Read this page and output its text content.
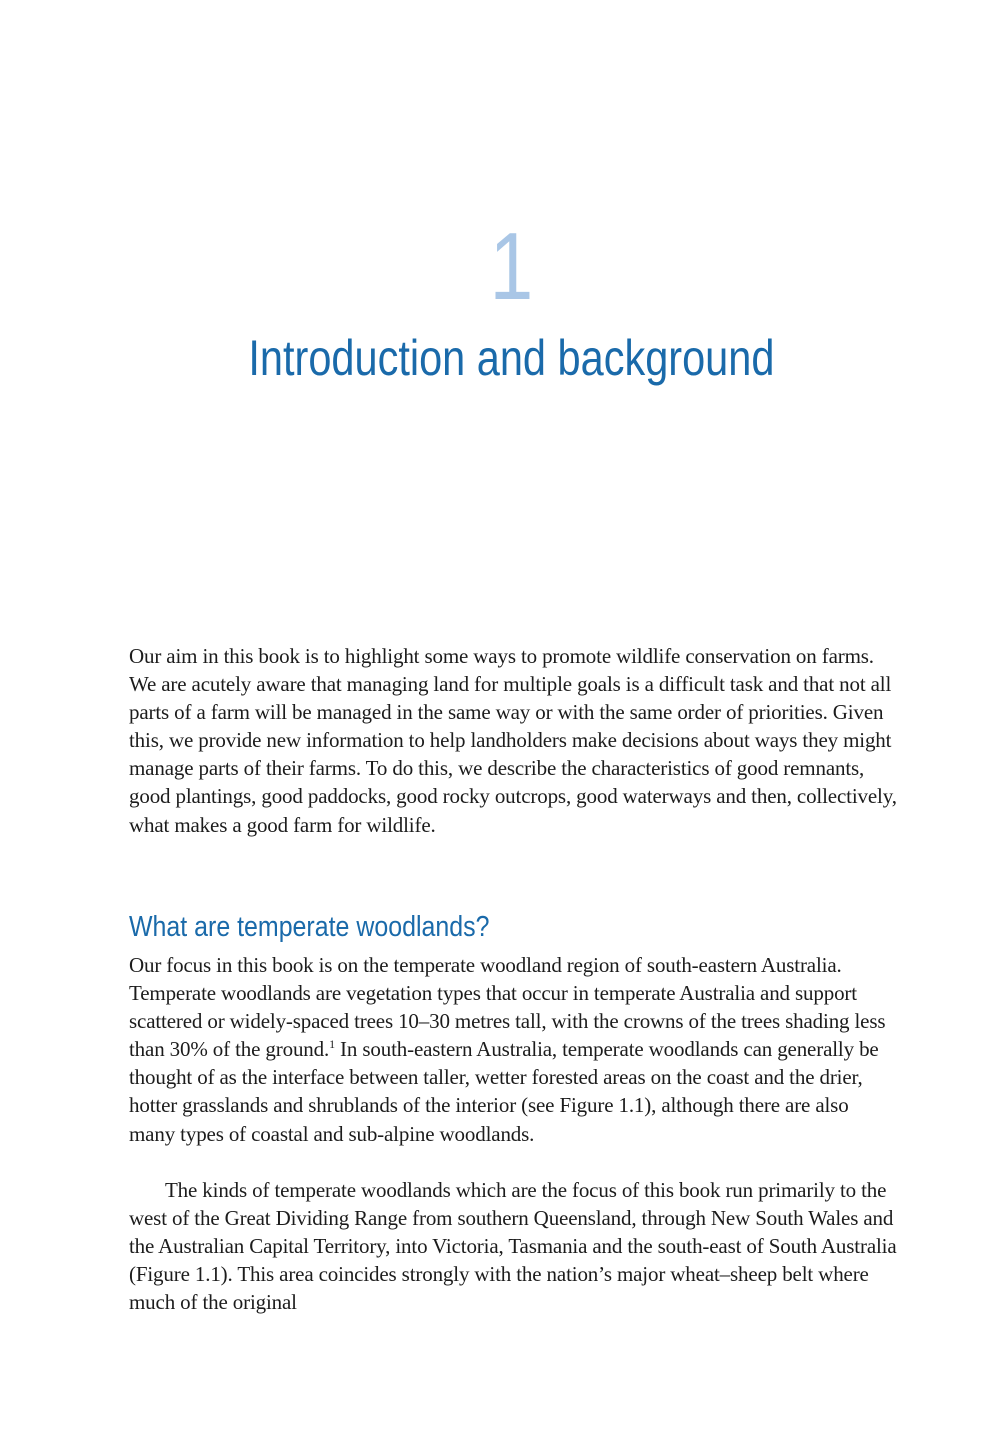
1
Introduction and background

Our aim in this book is to highlight some ways to promote wildlife conservation on farms. We are acutely aware that managing land for multiple goals is a difficult task and that not all parts of a farm will be managed in the same way or with the same order of priorities. Given this, we provide new information to help landholders make decisions about ways they might manage parts of their farms. To do this, we describe the characteristics of good remnants, good plantings, good paddocks, good rocky outcrops, good waterways and then, collectively, what makes a good farm for wildlife.

What are temperate woodlands?

Our focus in this book is on the temperate woodland region of south-eastern Australia. Temperate woodlands are vegetation types that occur in temperate Australia and support scattered or widely-spaced trees 10–30 metres tall, with the crowns of the trees shading less than 30% of the ground.$^1$ In south-eastern Australia, temperate woodlands can generally be thought of as the interface between taller, wetter forested areas on the coast and the drier, hotter grasslands and shrublands of the interior (see Figure 1.1), although there are also many types of coastal and sub-alpine woodlands.

The kinds of temperate woodlands which are the focus of this book run primarily to the west of the Great Dividing Range from southern Queensland, through New South Wales and the Australian Capital Territory, into Victoria, Tasmania and the south-east of South Australia (Figure 1.1). This area coincides strongly with the nation’s major wheat–sheep belt where much of the original
